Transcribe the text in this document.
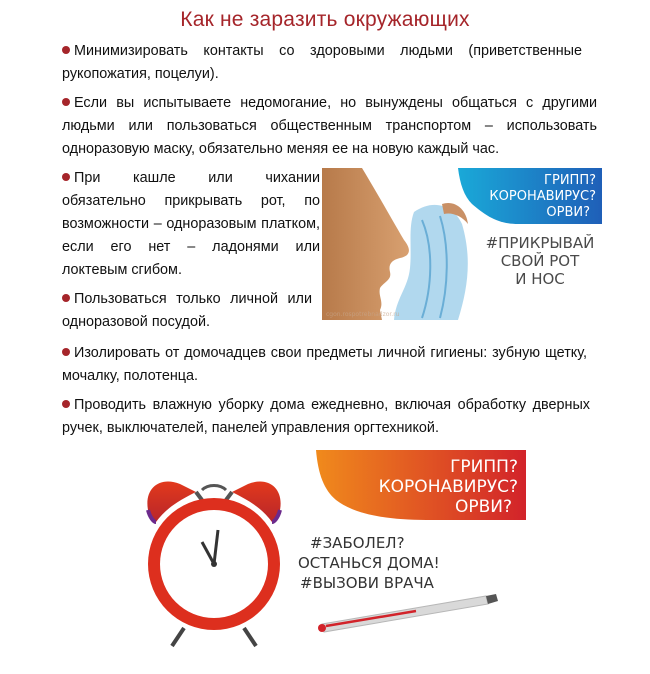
Как не заразить окружающих

Минимизировать контакты со здоровыми людьми (приветственные рукопожатия, поцелуи).

Если вы испытываете недомогание, но вынуждены общаться с другими людьми или пользоваться общественным транспортом – использовать одноразовую маску, обязательно меняя ее на новую каждый час.

При кашле или чихании обязательно прикрывать рот, по возможности – одноразовым платком, если его нет – ладонями или локтевым сгибом.

Пользоваться только личной или одноразовой посудой.

Изолировать от домочадцев свои предметы личной гигиены: зубную щетку, мочалку, полотенца.

Проводить влажную уборку дома ежедневно, включая обработку дверных ручек, выключателей, панелей управления оргтехникой.

ГРИПП?
КОРОНАВИРУС?
ОРВИ?
#ПРИКРЫВАЙ
СВОЙ РОТ
И НОС
cgon.rospotrebnadzor.ru
ГРИПП?
КОРОНАВИРУС?
ОРВИ?
#ЗАБОЛЕЛ?
ОСТАНЬСЯ ДОМА!
#ВЫЗОВИ ВРАЧА
